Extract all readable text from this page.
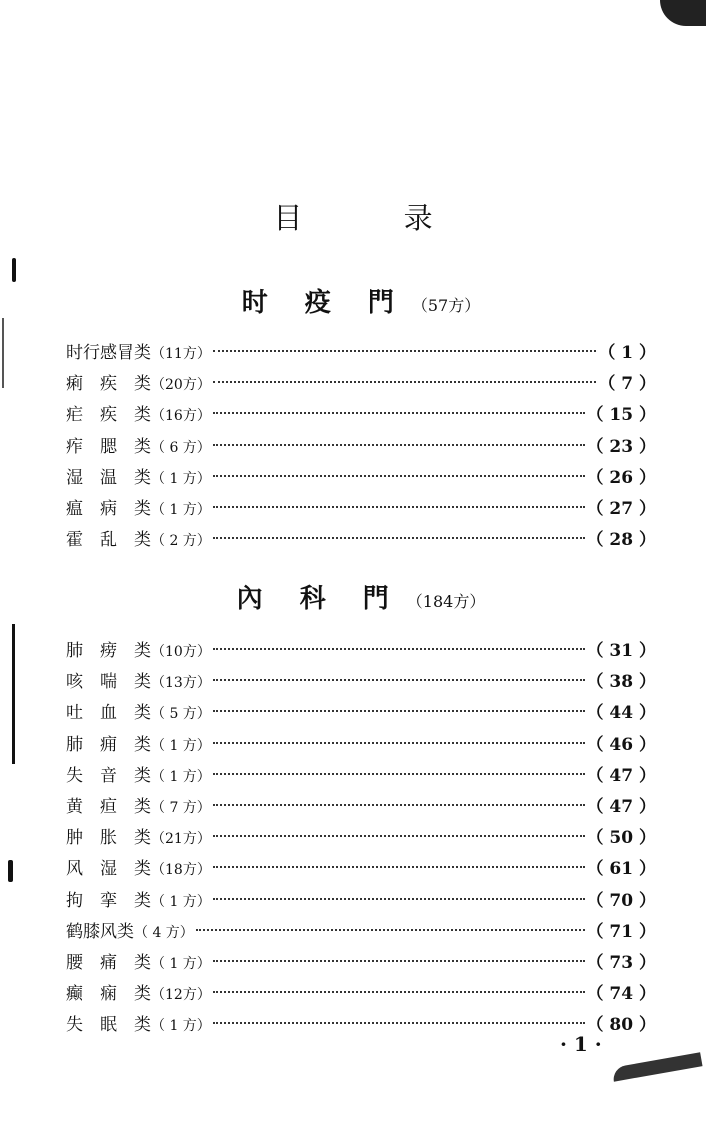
目 录
时 疫 門 （57方）
时行感冒类 （11方）	（ 1 ）
痢　疾　类 （20方）	（ 7 ）
疟　疾　类 （16方）	（ 15 ）
痄　腮　类 （ 6 方）	（ 23 ）
湿　温　类 （ 1 方）	（ 26 ）
瘟　病　类 （ 1 方）	（ 27 ）
霍　乱　类 （ 2 方）	（ 28 ）
內 科 門 （184方）
肺　痨　类 （10方）	（ 31 ）
咳　喘　类 （13方）	（ 38 ）
吐　血　类 （ 5 方）	（ 44 ）
肺　痈　类 （ 1 方）	（ 46 ）
失　音　类 （ 1 方）	（ 47 ）
黄　疸　类 （ 7 方）	（ 47 ）
肿　胀　类 （21方）	（ 50 ）
风　湿　类 （18方）	（ 61 ）
拘　挛　类 （ 1 方）	（ 70 ）
鹤膝风类 （ 4 方）	（ 71 ）
腰　痛　类 （ 1 方）	（ 73 ）
癫　痫　类 （12方）	（ 74 ）
失　眠　类 （ 1 方）	（ 80 ）
· 1 ·
